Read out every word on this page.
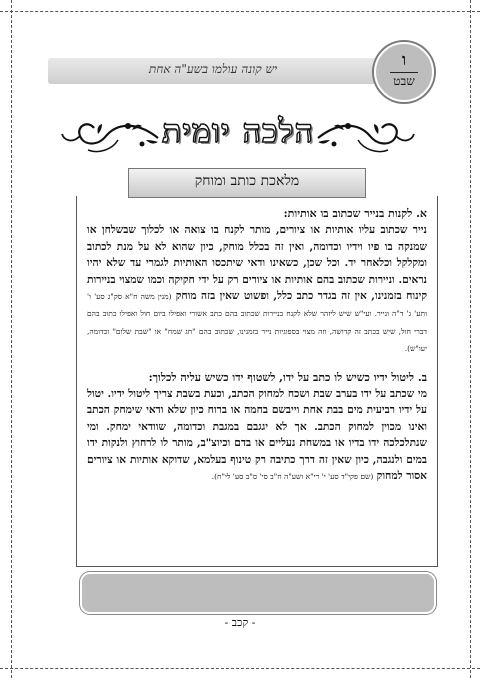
יש קונה עולמו בשע"ה אחת	ו
שבט
הלכה יומית
מלאכת כותב ומוחק
א. לקנות בנייר שכתוב בו אותיות:
נייר שכתוב עליו אותיות או ציורים, מותר לקנח בו צואה או לכלוך שבשלחן או שמנקה בו פיו וידיו וכדומה, ואין זה בכלל מוחק, כיון שהוא לא על מנת לכתוב ומקלקל וכלאחר יד. וכל שכן, כשאינו ודאי שיתכסו האותיות לגמרי עד שלא יהיו נראים. וניירות שכתוב בהם אותיות או ציורים רק על ידי חקיקה וכמו שמצוי בניירות קינוח בזמנינו, אין זה בגדר כתב כלל, ופשוט שאין בזה מוחק (מנין משה ח"א סק"ג סע' ו' ותע' ג' ד"ה ונייר. ועי"ש שיש ליזהר שלא לקנח בניירות שכתוב בהם כתב אשורי ואפילו ביום חול ואפילו כתוב בהם דברי חול, שיש בכתב זה קדושה, וזה מצוי בספוגיות נייר בזמנינו, שכתוב בהם "חג שמח" או "שבת שלום" וכדומה, יעו"ש).
ב. ליטול ידיו כשיש לו כתב על ידו, לשטוף ידו כשיש עליה לכלוך:
מי שכתב על ידו בערב שבת ושכח למחוק הכתב, וכעת בשבת צריך ליטול ידיו. יטול על ידיו רביעית מים בבת אחת וייבשם בחמה או ברוח כיון שלא ודאי שימחק הכתב ואינו מכוין למחוק הכתב. אך לא יגגבם במגבת וכדומה, שוודאי ימחק. ומי שנתלכלכה ידו בדיו או במשחת נעליים או בדם וכיוצ"ב, מותר לו לרחוץ ולנקות ידו במים ולנגבה, כיון שאין זה דרך כתיבה רק טינוף בעלמא, שדוקא אותיות או ציורים אסור למחוק (שם פקי"ד סע' י' רי"א ושע"ה ח"ב סי' ס"ב סע' לי"ח).
- קכב -
